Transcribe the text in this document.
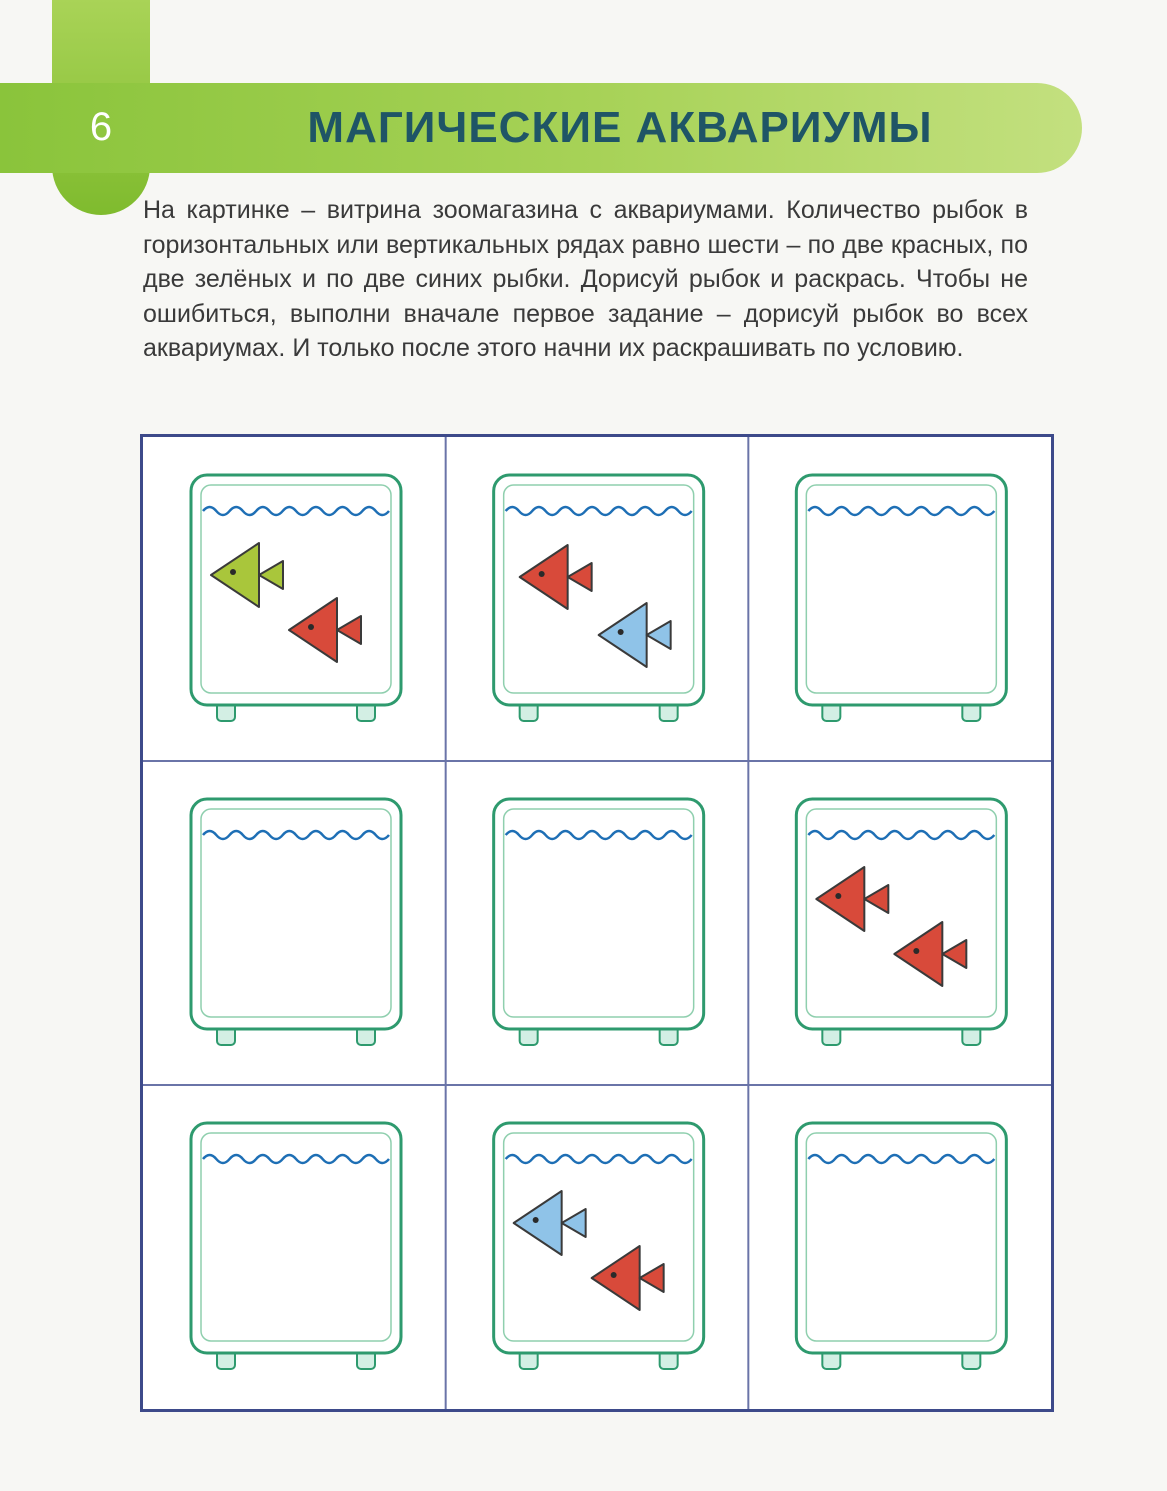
6	МАГИЧЕСКИЕ АКВАРИУМЫ

На картинке – витрина зоомагазина с аквариумами. Количество рыбок в горизонтальных или вертикальных рядах равно шести – по две красных, по две зелёных и по две синих рыбки. Дорисуй рыбок и раскрась. Чтобы не ошибиться, выполни вначале первое задание – дорисуй рыбок во всех аквариумах. И только после этого начни их раскрашивать по условию.
